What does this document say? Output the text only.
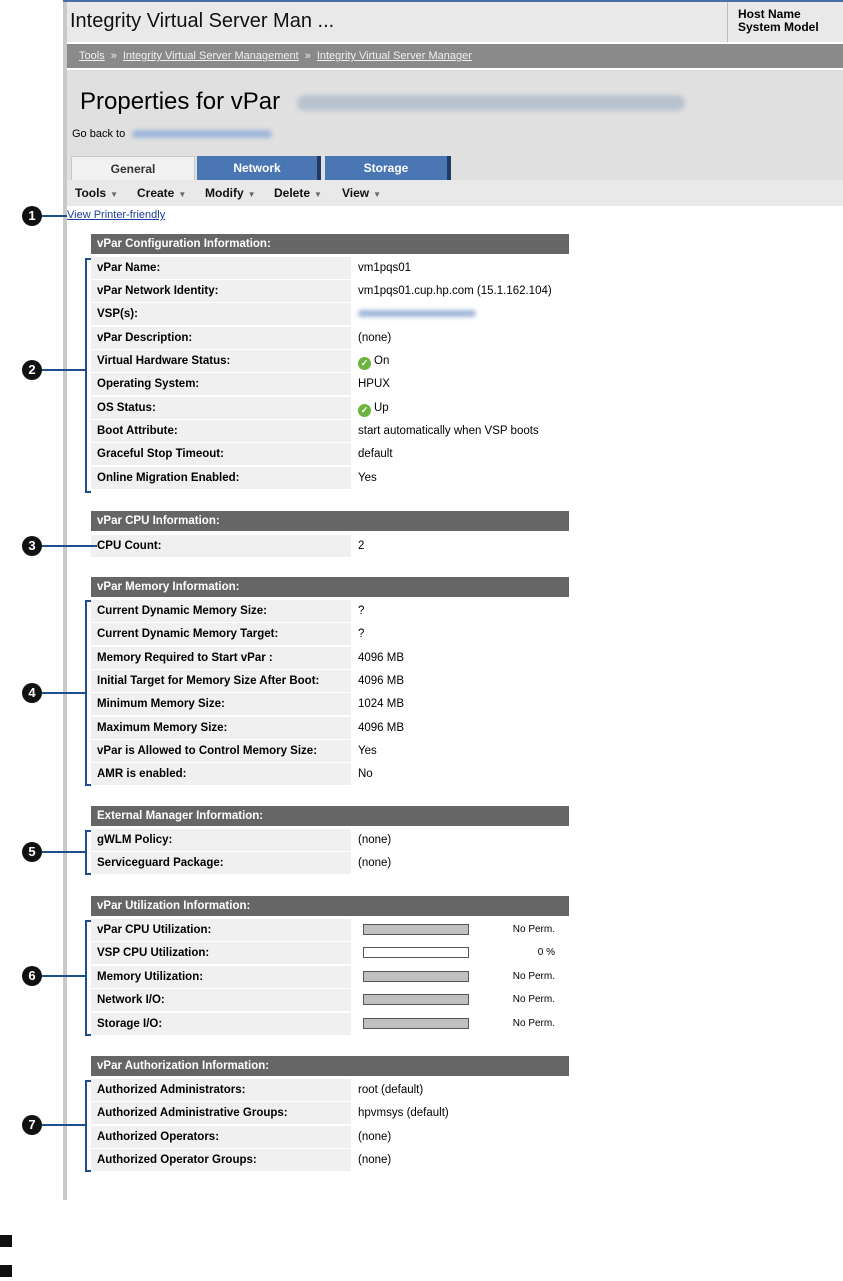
Integrity Virtual Server Man ...	Host Name
System Model
Tools » Integrity Virtual Server Management » Integrity Virtual Server Manager
Properties for vPar
Go back to
General	Network	Storage
Tools ▼ Create ▼ Modify ▼ Delete ▼ View ▼
View Printer-friendly
vPar Configuration Information:
vPar Name:	vm1pqs01
vPar Network Identity:	vm1pqs01.cup.hp.com (15.1.162.104)
VSP(s):
vPar Description:	(none)
Virtual Hardware Status:	✓ On
Operating System:	HPUX
OS Status:	✓ Up
Boot Attribute:	start automatically when VSP boots
Graceful Stop Timeout:	default
Online Migration Enabled:	Yes
vPar CPU Information:
CPU Count:	2
vPar Memory Information:
Current Dynamic Memory Size:	?
Current Dynamic Memory Target:	?
Memory Required to Start vPar :	4096 MB
Initial Target for Memory Size After Boot:	4096 MB
Minimum Memory Size:	1024 MB
Maximum Memory Size:	4096 MB
vPar is Allowed to Control Memory Size:	Yes
AMR is enabled:	No
External Manager Information:
gWLM Policy:	(none)
Serviceguard Package:	(none)
vPar Utilization Information:
vPar CPU Utilization:	No Perm.
VSP CPU Utilization:	0 %
Memory Utilization:	No Perm.
Network I/O:	No Perm.
Storage I/O:	No Perm.
vPar Authorization Information:
Authorized Administrators:	root (default)
Authorized Administrative Groups:	hpvmsys (default)
Authorized Operators:	(none)
Authorized Operator Groups:	(none)
1
2
3
4
5
6
7
